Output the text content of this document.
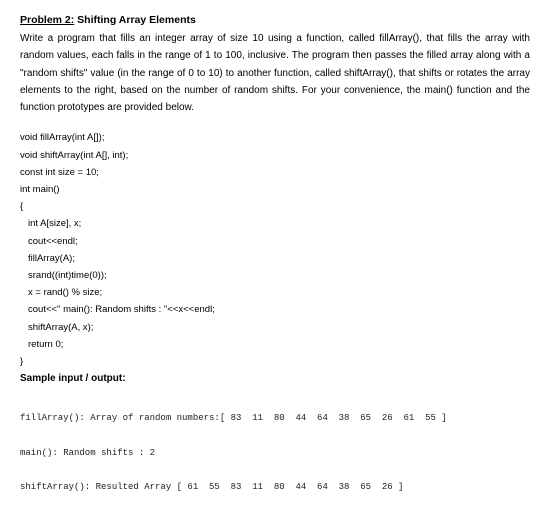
Problem 2: Shifting Array Elements

Write a program that fills an integer array of size 10 using a function, called fillArray(), that fills the array with random values, each falls in the range of 1 to 100, inclusive. The program then passes the filled array along with a "random shifts" value (in the range of 0 to 10) to another function, called shiftArray(), that shifts or rotates the array elements to the right, based on the number of random shifts. For your convenience, the main() function and the function prototypes are provided below.

void fillArray(int A[]);
void shiftArray(int A[], int);
const int size = 10;
int main()
{
int A[size], x;
cout<<endl;
fillArray(A);
srand((int)time(0));
x = rand() % size;
cout<<" main(): Random shifts : "<<x<<endl;
shiftArray(A, x);
return 0;
}
Sample input / output:

fillArray(): Array of random numbers:[ 83  11  80  44  64  38  65  26  61  55 ]

main(): Random shifts : 2

shiftArray(): Resulted Array [ 61  55  83  11  80  44  64  38  65  26 ]
